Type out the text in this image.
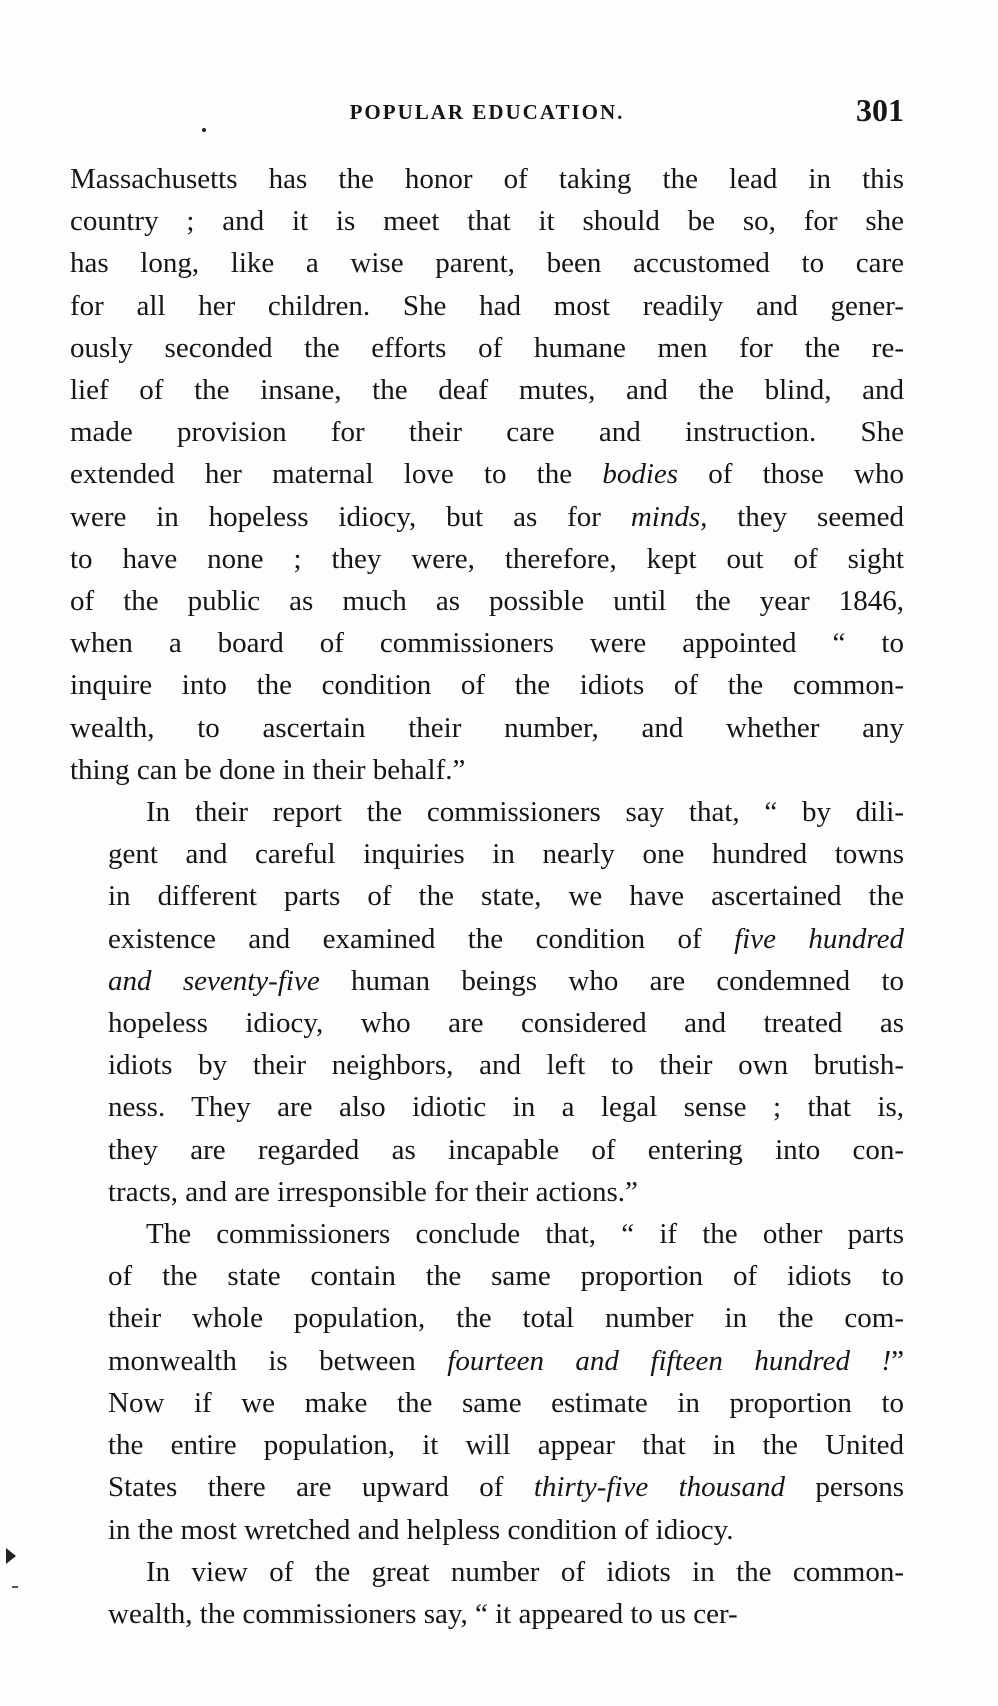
POPULAR EDUCATION.	301
Massachusetts has the honor of taking the lead in this
country ; and it is meet that it should be so, for she
has long, like a wise parent, been accustomed to care
for all her children. She had most readily and gener-
ously seconded the efforts of humane men for the re-
lief of the insane, the deaf mutes, and the blind, and
made provision for their care and instruction. She
extended her maternal love to the bodies of those who
were in hopeless idiocy, but as for minds, they seemed
to have none ; they were, therefore, kept out of sight
of the public as much as possible until the year 1846,
when a board of commissioners were appointed “ to
inquire into the condition of the idiots of the common-
wealth, to ascertain their number, and whether any
thing can be done in their behalf.”
In their report the commissioners say that, “ by dili-
gent and careful inquiries in nearly one hundred towns
in different parts of the state, we have ascertained the
existence and examined the condition of five hundred
and seventy-five human beings who are condemned to
hopeless idiocy, who are considered and treated as
idiots by their neighbors, and left to their own brutish-
ness. They are also idiotic in a legal sense ; that is,
they are regarded as incapable of entering into con-
tracts, and are irresponsible for their actions.”
The commissioners conclude that, “ if the other parts
of the state contain the same proportion of idiots to
their whole population, the total number in the com-
monwealth is between fourteen and fifteen hundred !”
Now if we make the same estimate in proportion to
the entire population, it will appear that in the United
States there are upward of thirty-five thousand persons
in the most wretched and helpless condition of idiocy.
In view of the great number of idiots in the common-
wealth, the commissioners say, “ it appeared to us cer-
